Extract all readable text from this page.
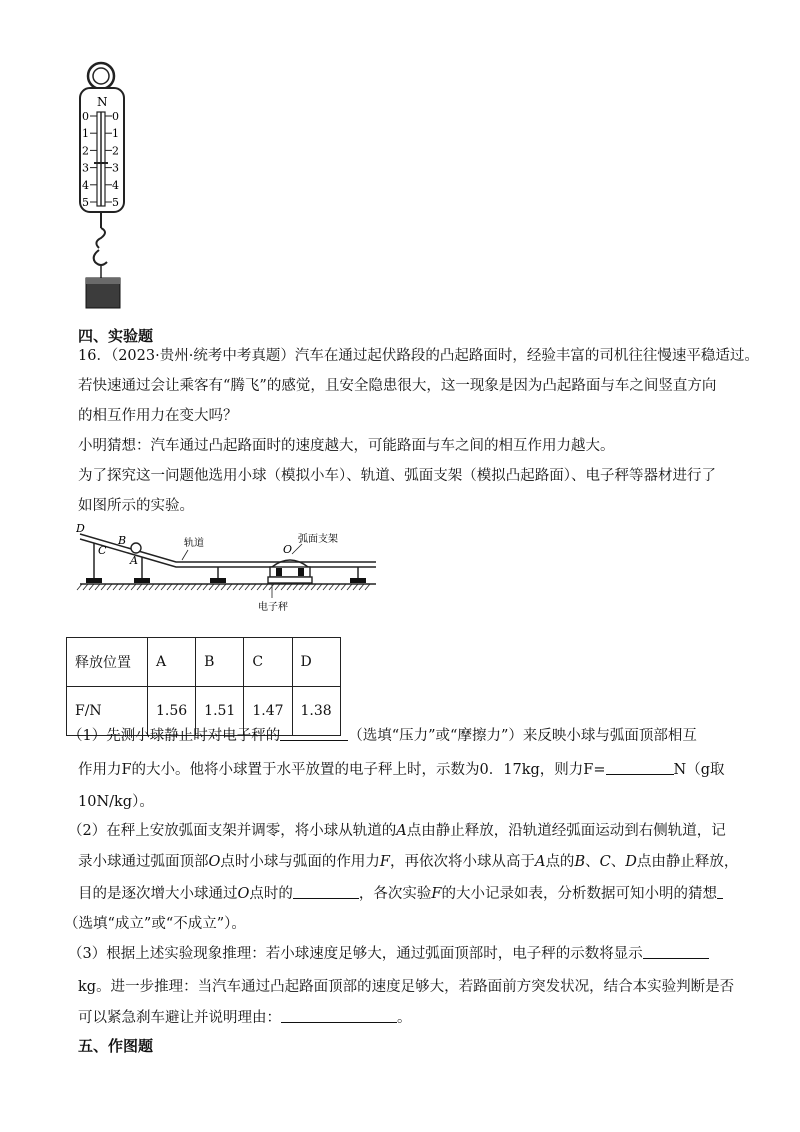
N
0 0
1 1
2 2
3 3
4 4
5 5
四、实验题
16．（2023·贵州·统考中考真题）汽车在通过起伏路段的凸起路面时，经验丰富的司机往往慢速平稳适过。
若快速通过会让乘客有“腾飞”的感觉，且安全隐患很大，这一现象是因为凸起路面与车之间竖直方向
的相互作用力在变大吗？
小明猜想：汽车通过凸起路面时的速度越大，可能路面与车之间的相互作用力越大。
为了探究这一问题他选用小球（模拟小车）、轨道、弧面支架（模拟凸起路面）、电子秤等器材进行了
如图所示的实验。
D
B
C
A
O
轨道	弧面支架
电子秤
释放位置	A	B	C	D
F/N	1.56	1.51	1.47	1.38
（1）先测小球静止时对电子秤的	（选填“压力”或“摩擦力”）来反映小球与弧面顶部相互
作用力F的大小。他将小球置于水平放置的电子秤上时，示数为0．17kg，则力F=	N（g取
10N/kg）。
（2）在秤上安放弧面支架并调零，将小球从轨道的A点由静止释放，沿轨道经弧面运动到右侧轨道，记
录小球通过弧面顶部O点时小球与弧面的作用力F，再依次将小球从高于A点的B、C、D点由静止释放，
目的是逐次增大小球通过O点时的	，各次实验F的大小记录如表，分析数据可知小明的猜想
（选填“成立”或“不成立”）。
（3）根据上述实验现象推理：若小球速度足够大，通过弧面顶部时，电子秤的示数将显示
kg。进一步推理：当汽车通过凸起路面顶部的速度足够大，若路面前方突发状况，结合本实验判断是否
可以紧急刹车避让并说明理由：	。
五、作图题
